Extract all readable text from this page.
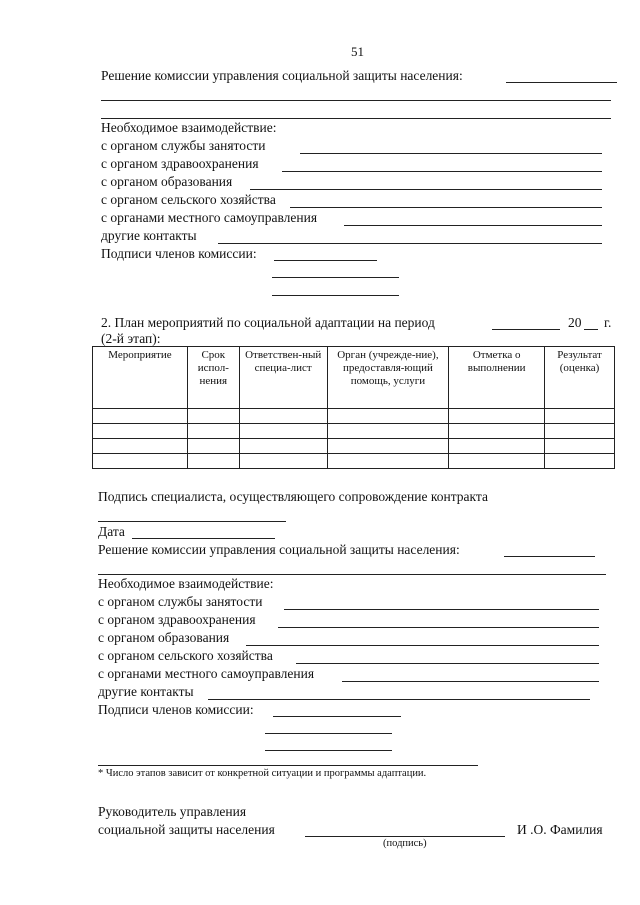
51
Решение комиссии управления социальной защиты населения:
Необходимое взаимодействие:
с органом службы занятости
с органом здравоохранения
с органом образования
с органом сельского хозяйства
с органами местного самоуправления
другие контакты
Подписи членов комиссии:
2. План мероприятий по социальной адаптации на период	20 г.
(2-й этап):
Мероприятие	Срок испол-нения	Ответствен-ный специа-лист	Орган (учрежде-ние), предоставля-ющий помощь, услуги	Отметка о выполнении	Результат (оценка)

Подпись специалиста, осуществляющего сопровождение контракта
Дата
Решение комиссии управления социальной защиты населения:
Необходимое взаимодействие:
с органом службы занятости
с органом здравоохранения
с органом образования
с органом сельского хозяйства
с органами местного самоуправления
другие контакты
Подписи членов комиссии:
* Число этапов зависит от конкретной ситуации и программы адаптации.
Руководитель управления
социальной защиты населения	И .О. Фамилия
(подпись)
